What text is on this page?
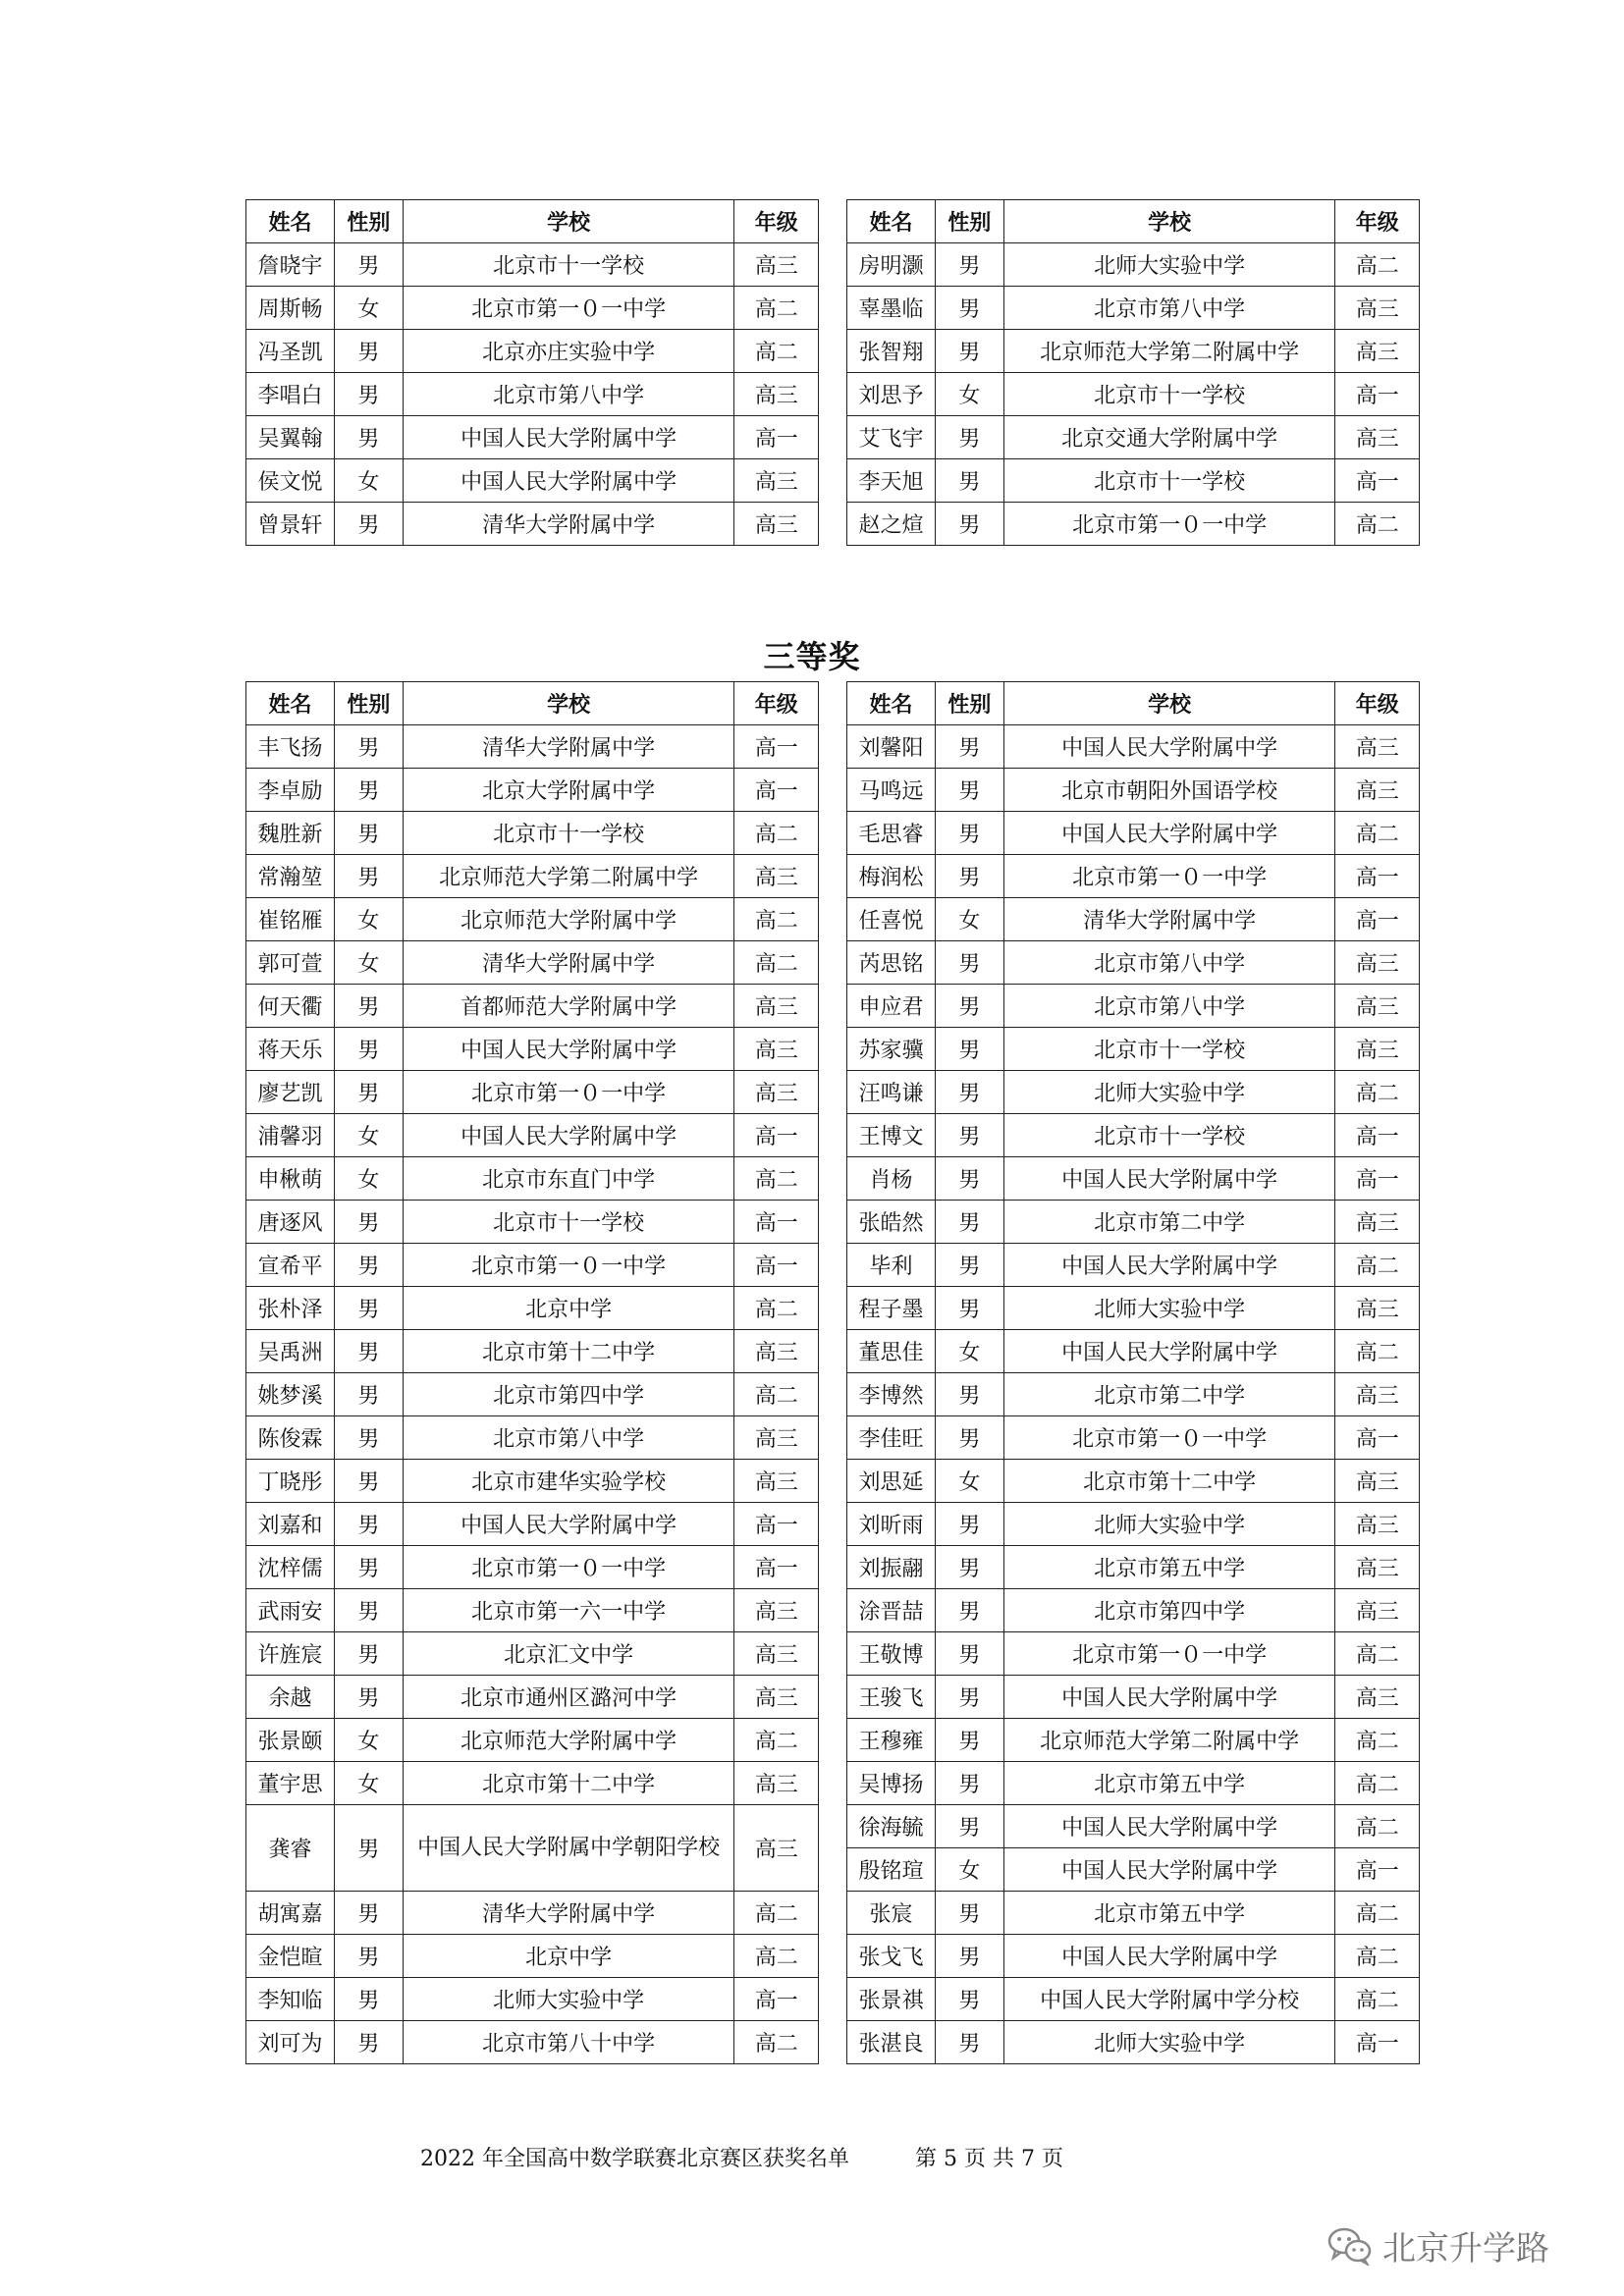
姓名	性别	学校	年级
詹晓宇	男	北京市十一学校	高三
周斯畅	女	北京市第一０一中学	高二
冯圣凯	男	北京亦庄实验中学	高二
李唱白	男	北京市第八中学	高三
吴翼翰	男	中国人民大学附属中学	高一
侯文悦	女	中国人民大学附属中学	高三
曾景轩	男	清华大学附属中学	高三
姓名	性别	学校	年级
房明灏	男	北师大实验中学	高二
辜墨临	男	北京市第八中学	高三
张智翔	男	北京师范大学第二附属中学	高三
刘思予	女	北京市十一学校	高一
艾飞宇	男	北京交通大学附属中学	高三
李天旭	男	北京市十一学校	高一
赵之煊	男	北京市第一０一中学	高二
三等奖
姓名	性别	学校	年级
丰飞扬	男	清华大学附属中学	高一
李卓励	男	北京大学附属中学	高一
魏胜新	男	北京市十一学校	高二
常瀚堃	男	北京师范大学第二附属中学	高三
崔铭雁	女	北京师范大学附属中学	高二
郭可萱	女	清华大学附属中学	高二
何天衢	男	首都师范大学附属中学	高三
蒋天乐	男	中国人民大学附属中学	高三
廖艺凯	男	北京市第一０一中学	高三
浦馨羽	女	中国人民大学附属中学	高一
申楸萌	女	北京市东直门中学	高二
唐逐风	男	北京市十一学校	高一
宣希平	男	北京市第一０一中学	高一
张朴泽	男	北京中学	高二
吴禹洲	男	北京市第十二中学	高三
姚梦溪	男	北京市第四中学	高二
陈俊霖	男	北京市第八中学	高三
丁晓彤	男	北京市建华实验学校	高三
刘嘉和	男	中国人民大学附属中学	高一
沈梓儒	男	北京市第一０一中学	高一
武雨安	男	北京市第一六一中学	高三
许旌宸	男	北京汇文中学	高三
余越	男	北京市通州区潞河中学	高三
张景颐	女	北京师范大学附属中学	高二
董宇思	女	北京市第十二中学	高三
龚睿	男	中国人民大学附属中学朝阳学校	高三
胡寓嘉	男	清华大学附属中学	高二
金恺暄	男	北京中学	高二
李知临	男	北师大实验中学	高一
刘可为	男	北京市第八十中学	高二
姓名	性别	学校	年级
刘馨阳	男	中国人民大学附属中学	高三
马鸣远	男	北京市朝阳外国语学校	高三
毛思睿	男	中国人民大学附属中学	高二
梅润松	男	北京市第一０一中学	高一
任喜悦	女	清华大学附属中学	高一
芮思铭	男	北京市第八中学	高三
申应君	男	北京市第八中学	高三
苏家骥	男	北京市十一学校	高三
汪鸣谦	男	北师大实验中学	高二
王博文	男	北京市十一学校	高一
肖杨	男	中国人民大学附属中学	高一
张皓然	男	北京市第二中学	高三
毕利	男	中国人民大学附属中学	高二
程子墨	男	北师大实验中学	高三
董思佳	女	中国人民大学附属中学	高二
李博然	男	北京市第二中学	高三
李佳旺	男	北京市第一０一中学	高一
刘思延	女	北京市第十二中学	高三
刘昕雨	男	北师大实验中学	高三
刘振翮	男	北京市第五中学	高三
涂晋喆	男	北京市第四中学	高三
王敬博	男	北京市第一０一中学	高二
王骏飞	男	中国人民大学附属中学	高三
王穆雍	男	北京师范大学第二附属中学	高二
吴博扬	男	北京市第五中学	高二
徐海毓	男	中国人民大学附属中学	高二
殷铭瑄	女	中国人民大学附属中学	高一
张宸	男	北京市第五中学	高二
张戈飞	男	中国人民大学附属中学	高二
张景祺	男	中国人民大学附属中学分校	高二
张湛良	男	北师大实验中学	高一
2022 年全国高中数学联赛北京赛区获奖名单	第 5 页 共 7 页
北京升学路
